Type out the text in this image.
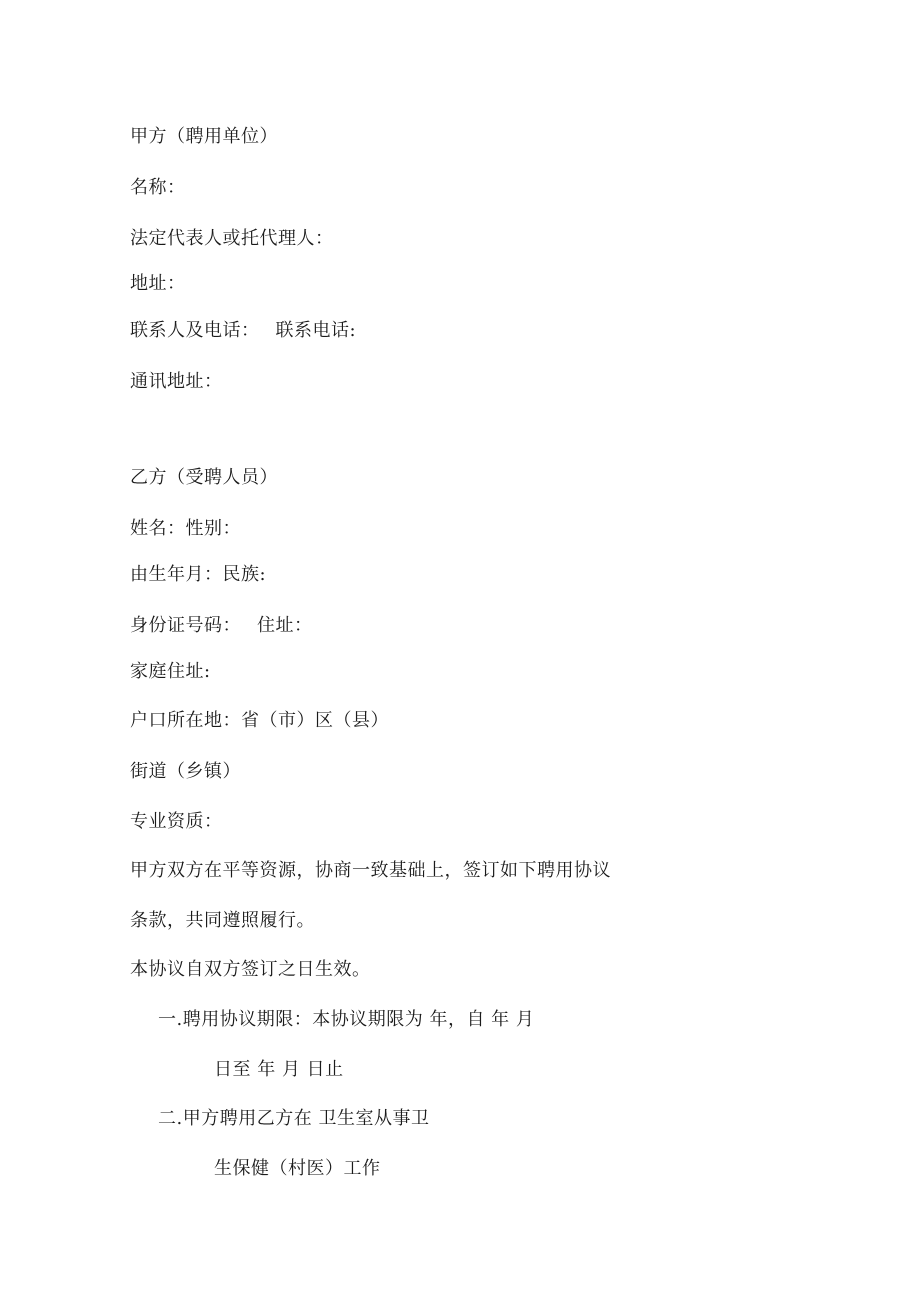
甲方（聘用单位）
名称：
法定代表人或托代理人：
地址：
联系人及电话： 联系电话:
通讯地址：
乙方（受聘人员）
姓名：性别：
由生年月：民族:
身份证号码： 住址：
家庭住址:
户口所在地：省（市）区（县）
街道（乡镇）
专业资质：
甲方双方在平等资源，协商一致基础上，签订如下聘用协议
条款，共同遵照履行。
本协议自双方签订之日生效。
一.聘用协议期限：本协议期限为 年，自 年 月
日至 年 月 日止
二.甲方聘用乙方在 卫生室从事卫
生保健（村医）工作
